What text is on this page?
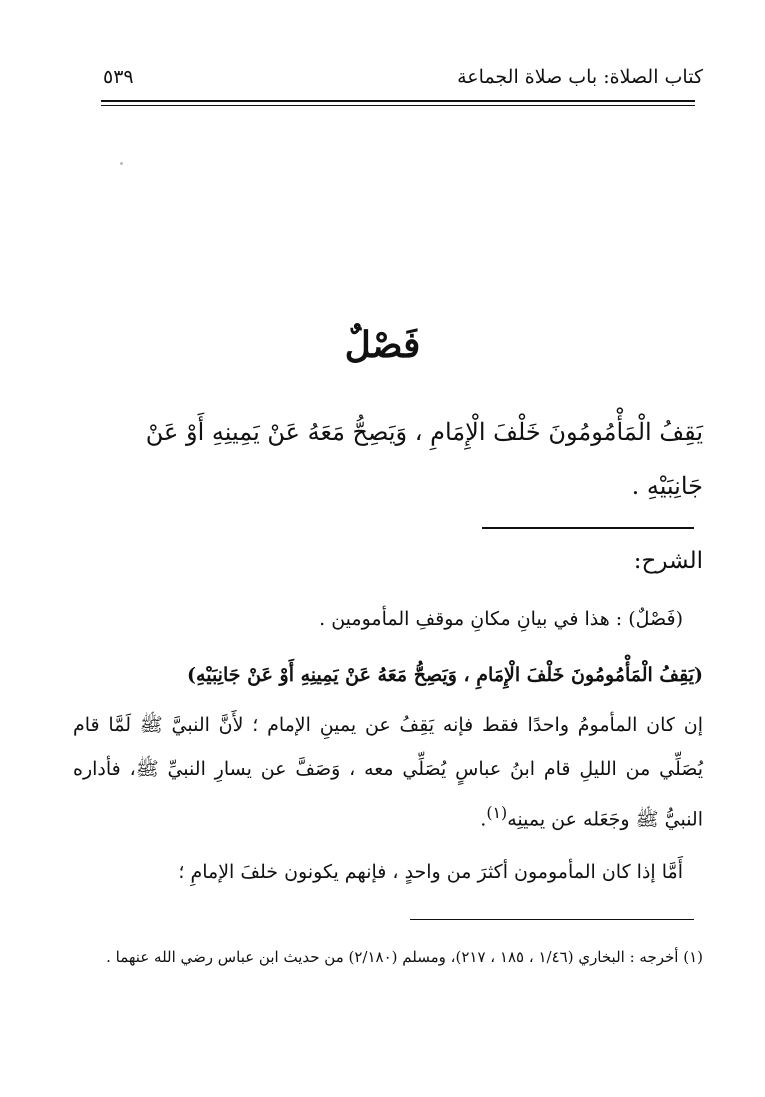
كتاب الصلاة: باب صلاة الجماعة
٥٣٩
فَصْلٌ
يَقِفُ الْمَأْمُومُونَ خَلْفَ الْإِمَامِ ، وَيَصِحُّ مَعَهُ عَنْ يَمِينِهِ أَوْ عَنْ جَانِبَيْهِ .
الشرح:
(فَصْلٌ) : هذا في بيانِ مكانِ موقفِ المأمومين .
(يَقِفُ الْمَأْمُومُونَ خَلْفَ الْإِمَامِ ، وَيَصِحُّ مَعَهُ عَنْ يَمِينِهِ أَوْ عَنْ جَانِبَيْهِ)
إن كان المأمومُ واحدًا فقط فإنه يَقِفُ عن يمينِ الإمام ؛ لأَنَّ النبيَّ ﷺ لَمَّا قام يُصَلِّي من الليلِ قام ابنُ عباسٍ يُصَلِّي معه ، وَصَفَّ عن يسارِ النبيِّ ﷺ، فأداره النبيُّ ﷺ وجَعَله عن يمينِه$^{(١)}$.
أَمَّا إذا كان المأمومون أكثرَ من واحدٍ ، فإنهم يكونون خلفَ الإمامِ ؛
(١) أخرجه : البخاري (١/٤٦ ، ١٨٥ ، ٢١٧)، ومسلم (٢/١٨٠) من حديث ابن عباس رضي الله عنهما .
